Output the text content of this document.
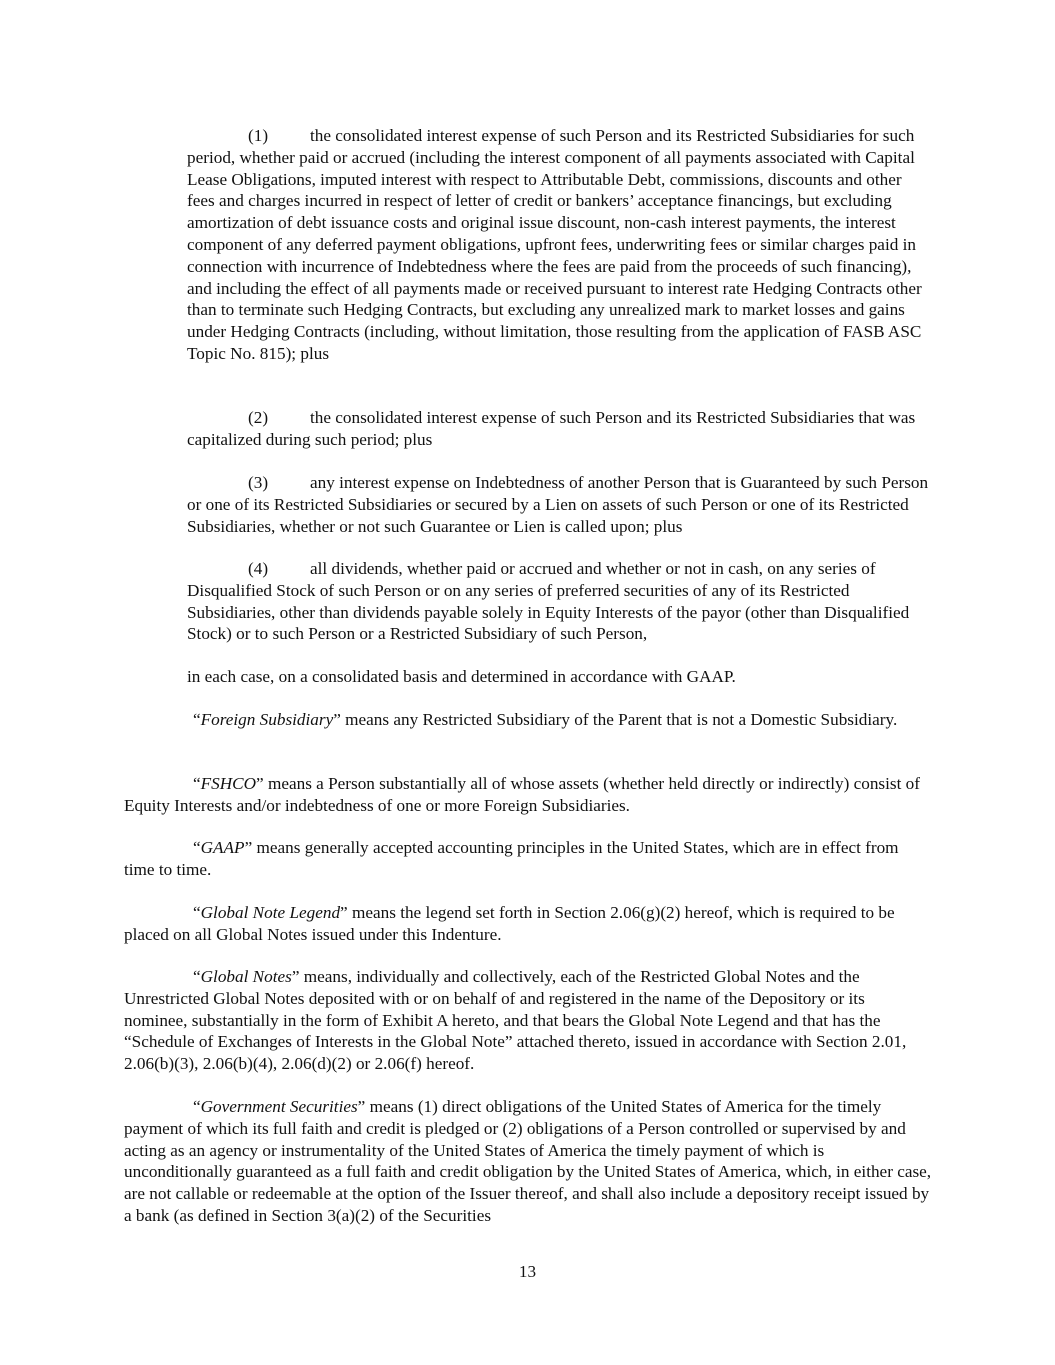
(1) the consolidated interest expense of such Person and its Restricted Subsidiaries for such period, whether paid or accrued (including the interest component of all payments associated with Capital Lease Obligations, imputed interest with respect to Attributable Debt, commissions, discounts and other fees and charges incurred in respect of letter of credit or bankers’ acceptance financings, but excluding amortization of debt issuance costs and original issue discount, non-cash interest payments, the interest component of any deferred payment obligations, upfront fees, underwriting fees or similar charges paid in connection with incurrence of Indebtedness where the fees are paid from the proceeds of such financing), and including the effect of all payments made or received pursuant to interest rate Hedging Contracts other than to terminate such Hedging Contracts, but excluding any unrealized mark to market losses and gains under Hedging Contracts (including, without limitation, those resulting from the application of FASB ASC Topic No. 815); plus

(2) the consolidated interest expense of such Person and its Restricted Subsidiaries that was capitalized during such period; plus

(3) any interest expense on Indebtedness of another Person that is Guaranteed by such Person or one of its Restricted Subsidiaries or secured by a Lien on assets of such Person or one of its Restricted Subsidiaries, whether or not such Guarantee or Lien is called upon; plus

(4) all dividends, whether paid or accrued and whether or not in cash, on any series of Disqualified Stock of such Person or on any series of preferred securities of any of its Restricted Subsidiaries, other than dividends payable solely in Equity Interests of the payor (other than Disqualified Stock) or to such Person or a Restricted Subsidiary of such Person,

in each case, on a consolidated basis and determined in accordance with GAAP.

“Foreign Subsidiary” means any Restricted Subsidiary of the Parent that is not a Domestic Subsidiary.

“FSHCO” means a Person substantially all of whose assets (whether held directly or indirectly) consist of Equity Interests and/or indebtedness of one or more Foreign Subsidiaries.

“GAAP” means generally accepted accounting principles in the United States, which are in effect from time to time.

“Global Note Legend” means the legend set forth in Section 2.06(g)(2) hereof, which is required to be placed on all Global Notes issued under this Indenture.

“Global Notes” means, individually and collectively, each of the Restricted Global Notes and the Unrestricted Global Notes deposited with or on behalf of and registered in the name of the Depository or its nominee, substantially in the form of Exhibit A hereto, and that bears the Global Note Legend and that has the “Schedule of Exchanges of Interests in the Global Note” attached thereto, issued in accordance with Section 2.01, 2.06(b)(3), 2.06(b)(4), 2.06(d)(2) or 2.06(f) hereof.

“Government Securities” means (1) direct obligations of the United States of America for the timely payment of which its full faith and credit is pledged or (2) obligations of a Person controlled or supervised by and acting as an agency or instrumentality of the United States of America the timely payment of which is unconditionally guaranteed as a full faith and credit obligation by the United States of America, which, in either case, are not callable or redeemable at the option of the Issuer thereof, and shall also include a depository receipt issued by a bank (as defined in Section 3(a)(2) of the Securities

13
